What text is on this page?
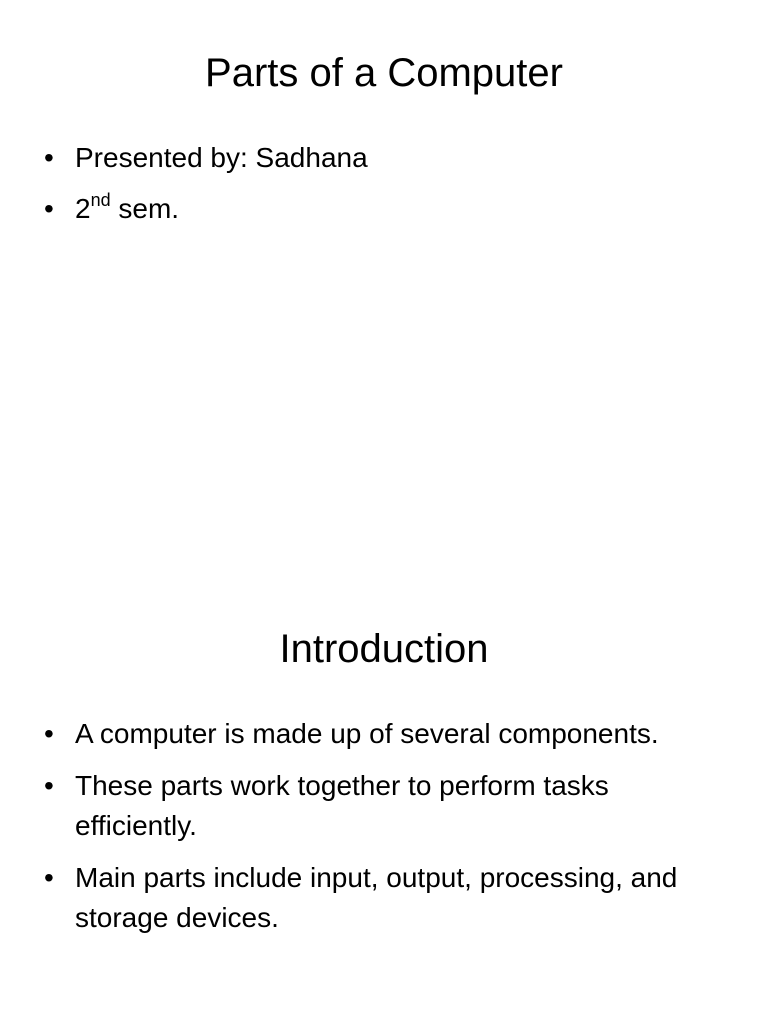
Parts of a Computer
• Presented by: Sadhana
• 2nd sem.
Introduction
• A computer is made up of several components.
• These parts work together to perform tasks efficiently.
• Main parts include input, output, processing, and storage devices.
